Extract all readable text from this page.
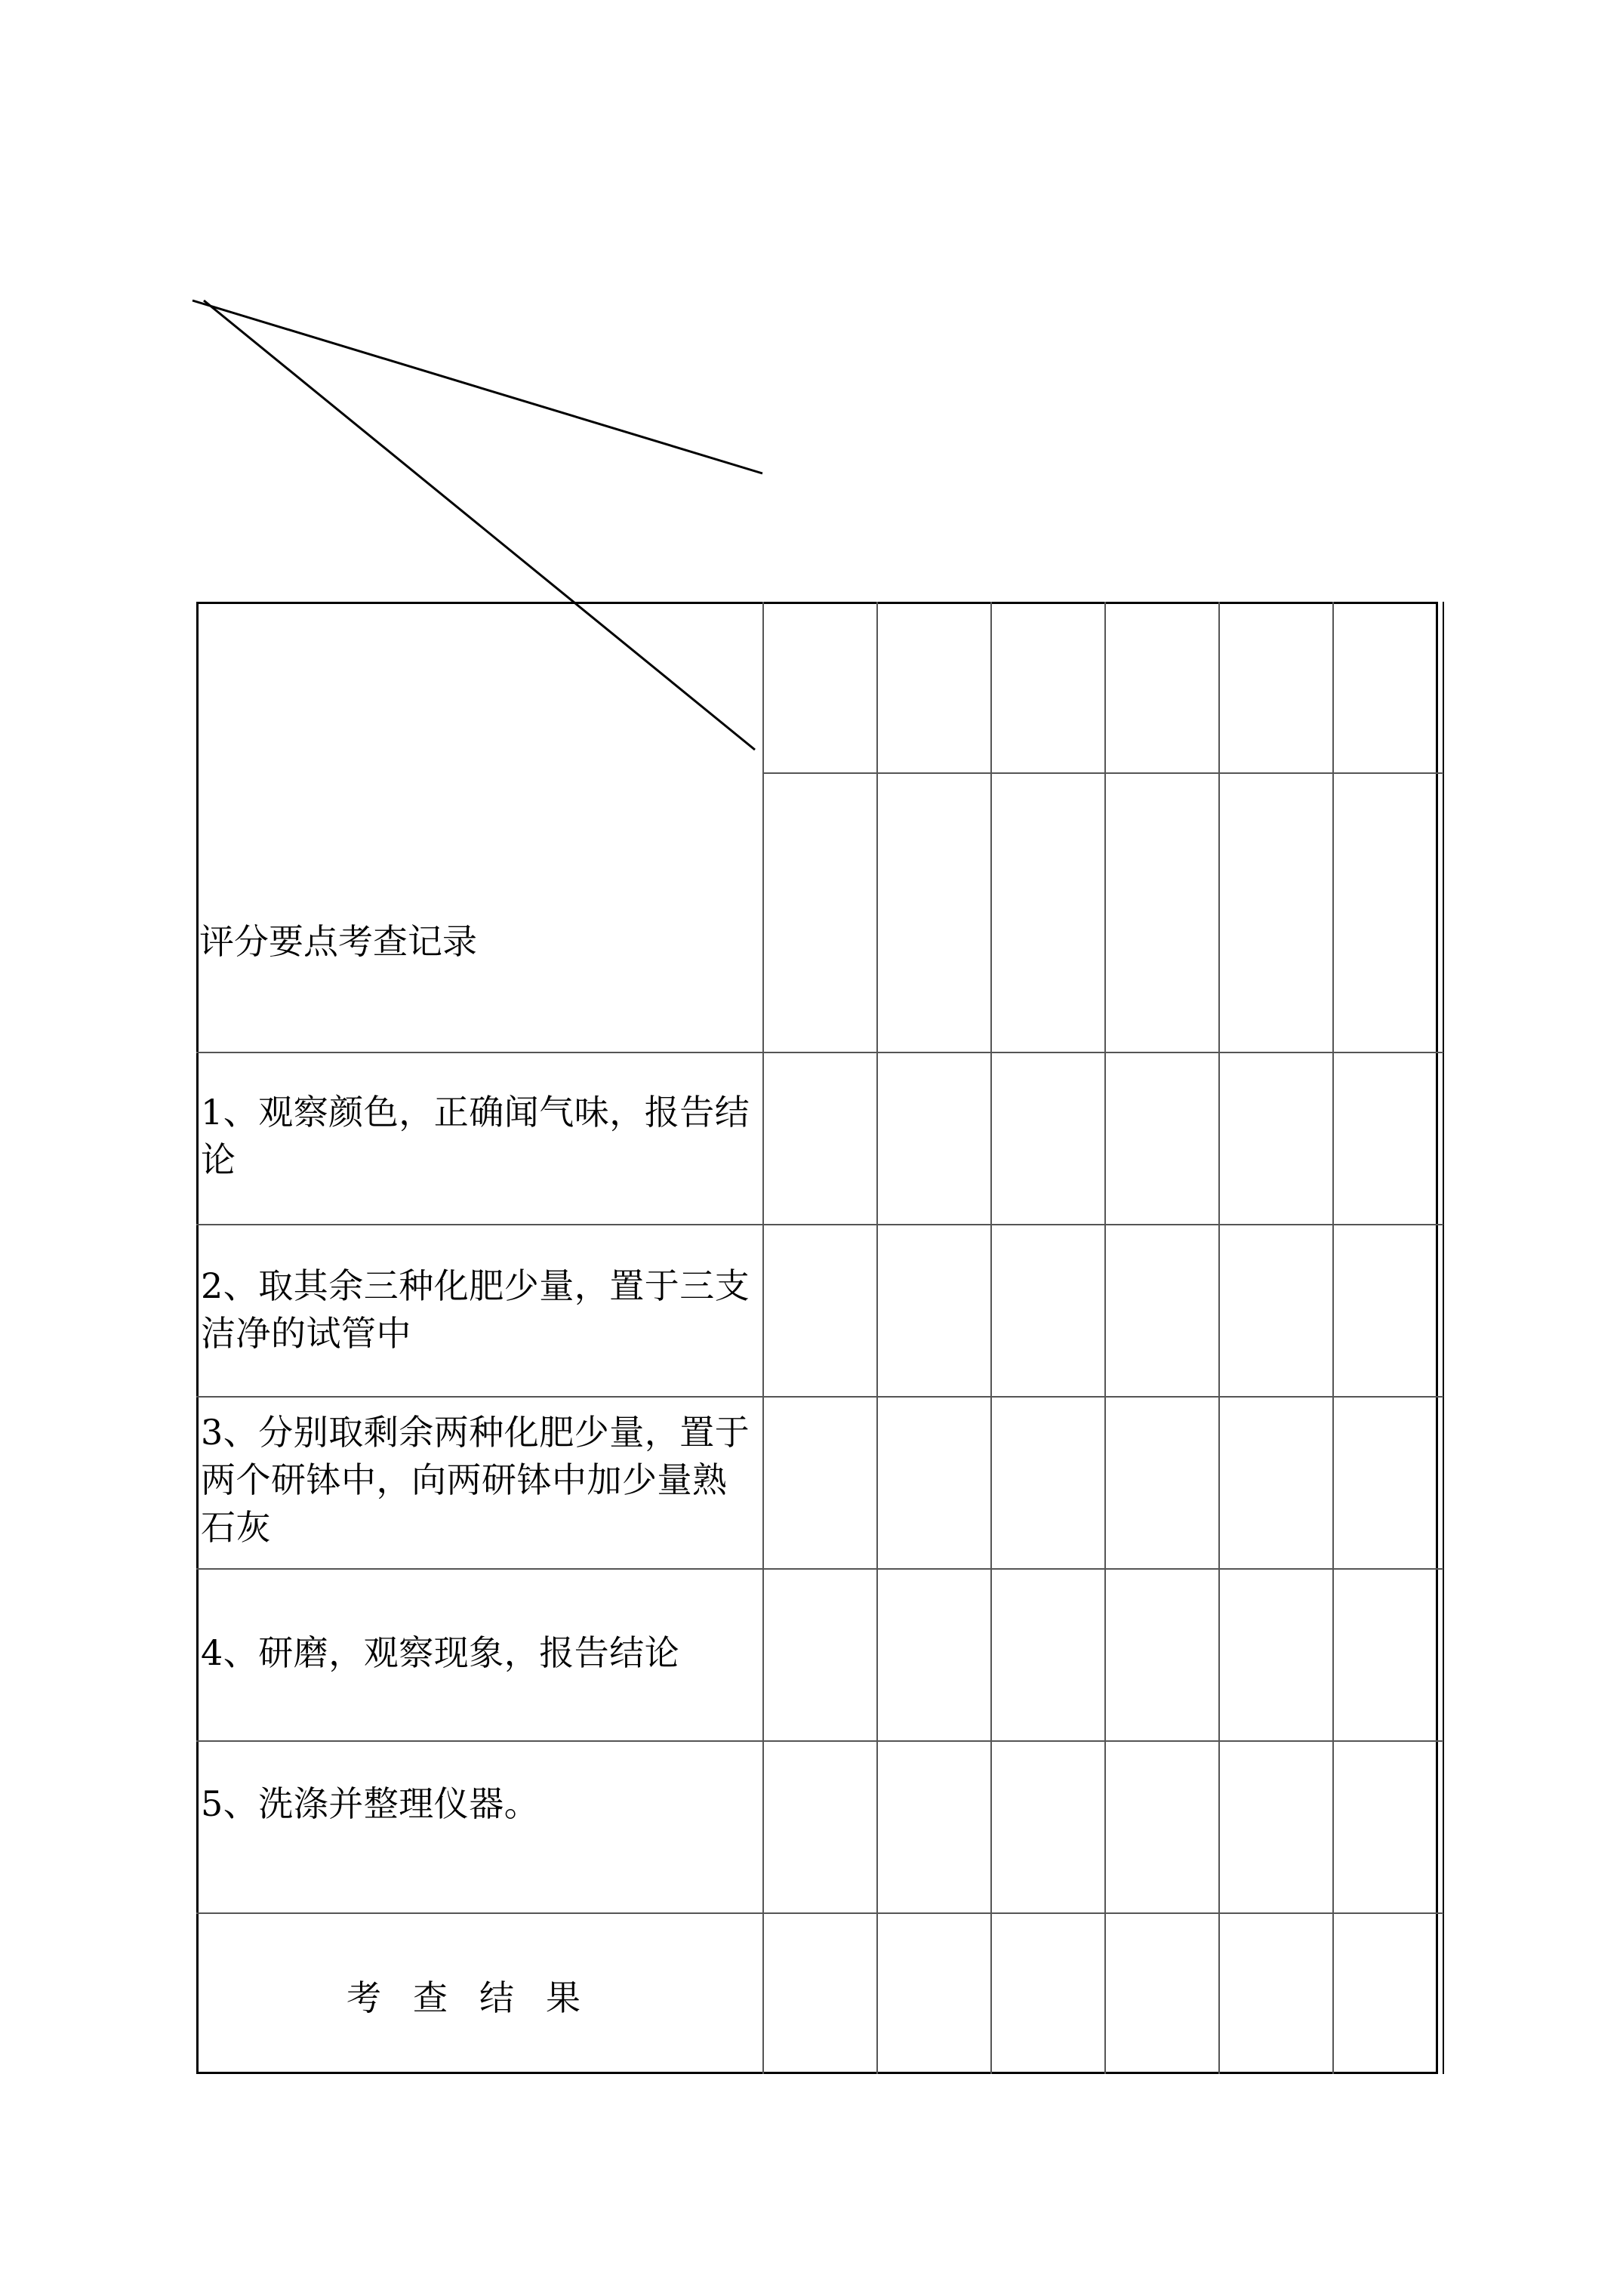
评分要点考查记录
1、观察颜色，正确闻气味，报告结论
2、取其余三种化肥少量，置于三支洁净的试管中
3、分别取剩余两种化肥少量，置于两个研钵中，向两研钵中加少量熟石灰
4、研磨，观察现象，报告结论
5、洗涤并整理仪器。
考查结果
